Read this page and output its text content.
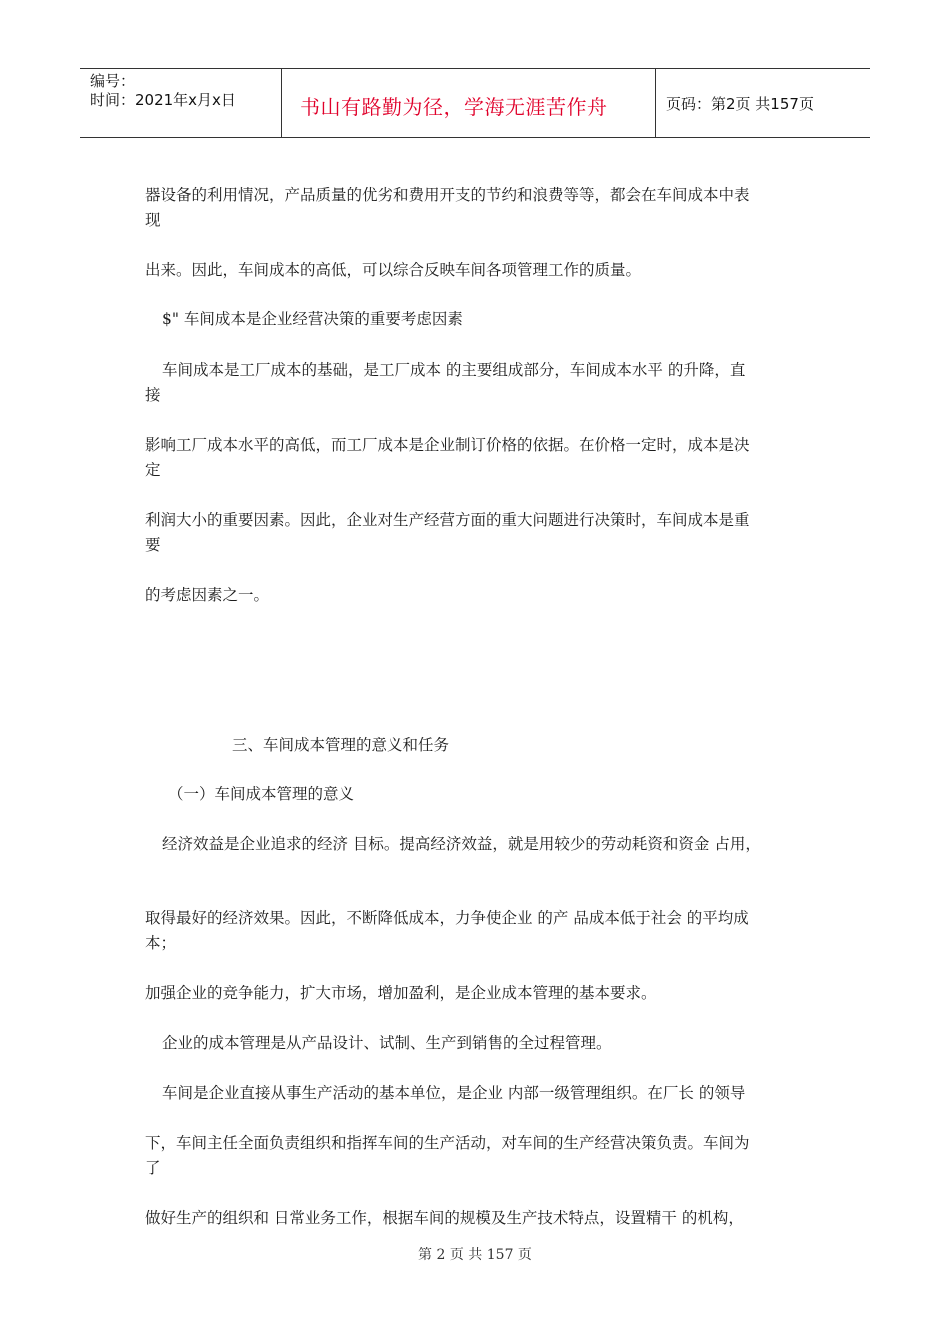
编号：
时间：2021年x月x日	书山有路勤为径，学海无涯苦作舟	页码：第2页 共157页
器设备的利用情况，产品质量的优劣和费用开支的节约和浪费等等，都会在车间成本中表
现
出来。因此，车间成本的高低，可以综合反映车间各项管理工作的质量。
$" 车间成本是企业经营决策的重要考虑因素
车间成本是工厂成本的基础，是工厂成本 的主要组成部分，车间成本水平 的升降，直
接
影响工厂成本水平的高低，而工厂成本是企业制订价格的依据。在价格一定时，成本是决
定
利润大小的重要因素。因此，企业对生产经营方面的重大问题进行决策时，车间成本是重
要
的考虑因素之一。
三、车间成本管理的意义和任务
（一）车间成本管理的意义
经济效益是企业追求的经济 目标。提高经济效益，就是用较少的劳动耗资和资金 占用，
取得最好的经济效果。因此，不断降低成本，力争使企业 的产 品成本低于社会 的平均成
本；
加强企业的竞争能力，扩大市场，增加盈利，是企业成本管理的基本要求。
企业的成本管理是从产品设计、试制、生产到销售的全过程管理。
车间是企业直接从事生产活动的基本单位，是企业 内部一级管理组织。在厂长 的领导
下，车间主任全面负责组织和指挥车间的生产活动，对车间的生产经营决策负责。车间为
了
做好生产的组织和 日常业务工作，根据车间的规模及生产技术特点，设置精干 的机构，
第 2 页 共 157 页
